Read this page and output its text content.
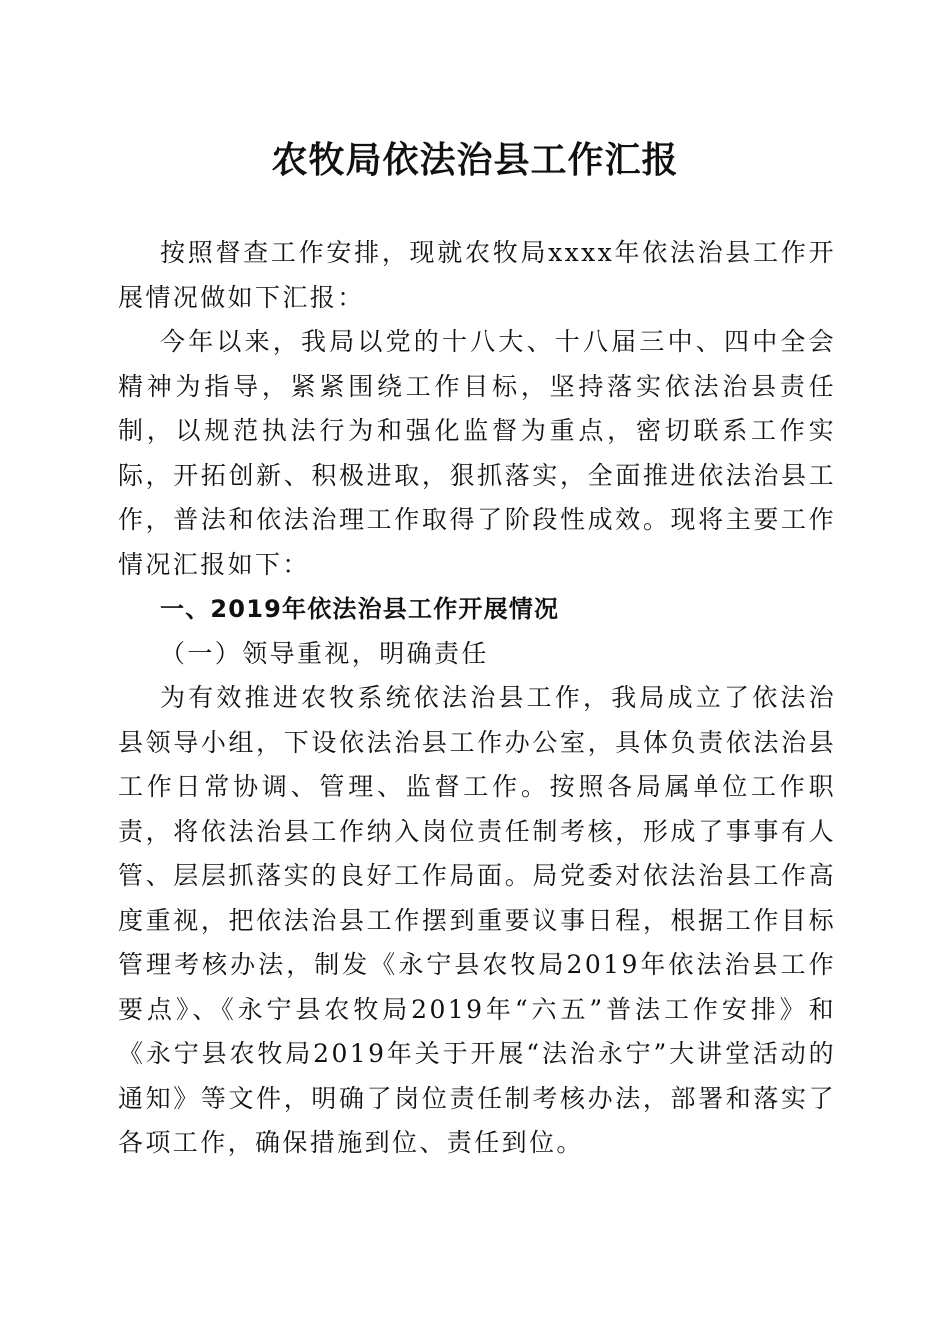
农牧局依法治县工作汇报

按照督查工作安排，现就农牧局xxxx年依法治县工作开展情况做如下汇报：

今年以来，我局以党的十八大、十八届三中、四中全会精神为指导，紧紧围绕工作目标，坚持落实依法治县责任制，以规范执法行为和强化监督为重点，密切联系工作实际，开拓创新、积极进取，狠抓落实，全面推进依法治县工作，普法和依法治理工作取得了阶段性成效。现将主要工作情况汇报如下：

一、2019年依法治县工作开展情况

（一）领导重视，明确责任

为有效推进农牧系统依法治县工作，我局成立了依法治县领导小组，下设依法治县工作办公室，具体负责依法治县工作日常协调、管理、监督工作。按照各局属单位工作职责，将依法治县工作纳入岗位责任制考核，形成了事事有人管、层层抓落实的良好工作局面。局党委对依法治县工作高度重视，把依法治县工作摆到重要议事日程，根据工作目标管理考核办法，制发《永宁县农牧局2019年依法治县工作要点》、《永宁县农牧局2019年“六五”普法工作安排》和《永宁县农牧局2019年关于开展“法治永宁”大讲堂活动的通知》等文件，明确了岗位责任制考核办法，部署和落实了各项工作，确保措施到位、责任到位。
